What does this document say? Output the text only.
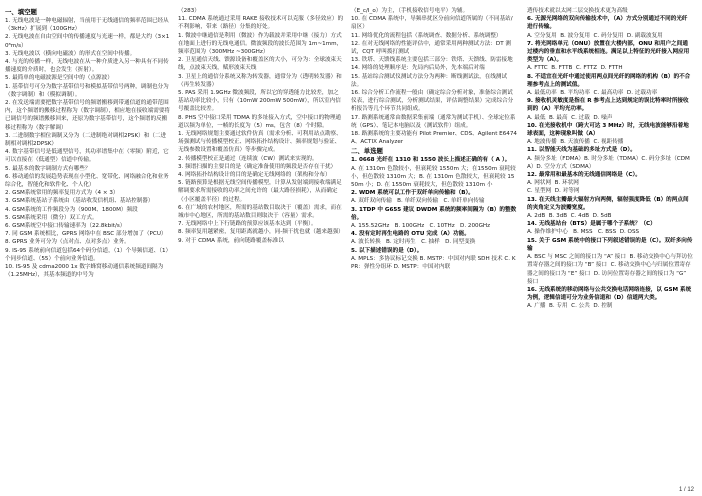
一、填空题

1. 无线电波是一种电磁辐射，当前用于无线通信的频率范围已经从（3kHz）扩展到（100GHz）

2. 无线电波在自由空间中的传播速度与光速一样，都是大约（3×10⁸m/s）

3. 无线电波以（横向电磁波）的形式在空间中传播。

4. 与光的传播一样，无线电波在从一种介质进入另一种具有不同传播速度的介质时，也会发生（折射）。

5. 最简单的电磁波源是空间中的（点源波）

1. 基带信号可分为数字基带信号和模拟基带信号两种，调制也分为（数字调制）和（模拟调制）。

2. 在发送端需要把数字基带信号的频谱搬移到带通信道的通带范围内，这个频谱的搬移过程称为（数字调制），相应地在接收端需要将已调信号的频谱搬移回来，还原为数字基带信号，这个频谱的反搬移过程称为（数字解调）

3. 二进制数字相位调制又分为（二进制绝对调相2PSK）和（二进制相对调相2DPSK）

4. 数字基带信号是低通型信号，其功率谱集中在（零频）附近，它可以直接在（低通型）信道中传输。

5. 最基本的数字调制方式有哪些？

6. 移动通信的发展趋势表现在小型化、宽带化、网络融合化和业务综合化，智能化和软件化、个人化）

2. GSM系统常用的频率复用方式为（4 × 3）

3. GSM系统基站子系统由（基站收发信机组、基站控制器）

4. GSM系统的工作频段分为（900M、1800M）频段

5. GSM系统采用（微分）双工方式。

6. GSM系统空中接口传输速率为（22.8kbit/s）

7. 同 GSM 系统相比，GPRS 网络中在 BSC 部分增加了（PCU）

8. GPRS 业务可分为（点对点、点对多点）业务。

9. IS-95 系统前向信道包括64个码分信道，（1）个导频信道、（1）个同步信道、（55）个前向业务信道。

10. IS-95 及 cdma2000 1x 数字蜂窝移动通信系统频道间隔为（1.25MHz），其基本频道的中号为

（283）

11. CDMA 系统通过采用 RAKE 接收技术可以克服（多径效应）的不利影响，带来（路径）分集的好处。

1. 微波中继通信是利用（微波）作为载波并采用中继（接力）方式在地面上进行的无线电通信。微波频段的波长范围为 1m~1mm，频率范围为（300MHz ~300GHz）

2. 卫星通信天线、馈源设备和覆盖区的大小，可分为：全球波束天线，点波束天线，赋形波束天线

3. 卫星上的通信分系统又称为转发器，通常分为（透明转发器）和（再生转发器）

5. PAS 采用 1.9GHz 微波频段，所以它的穿透能力比较差，加之基站功率比较小，只有（10mW 200mW 500mW），所以室内信号覆盖比较差。

8. PHS 空中接口采用 TDMA 的多址接入方式，空中接口的物理通道以频为单位，一帧的长度为（5）ms，包含（8）个时隙。

1. 无线网络规划主要通过软件仿真（需求分析、可利用站点勘察、场强测试与传播模型校正、网络拓扑结构设计、频率规划与验证、无线参数设置和覆盖仿真）等步骤完成。

2. 传播模型校正是通过（连续波（CW）测试来实现的。

3. 频谱扫描的主要目的是（确定准备使用的频段是否存在干扰）

4. 网络拓扑结构设计的目的是确定无线网络的（架构和分布）

5. 链路预算是根据无线空间传播模型，计算从发射端到接收端满足解调要求所需接收的功率之间允许的（最大路径损耗），从而确定（小区覆盖半径）的过程。

6. 在广域的农村地区，所需的基站数目取决于（覆盖）需求，而在城市中心地区，所需的基站数目则取决于（容量）需求。

7. 无线网络中上下行链路的预算应该基本达到（平衡）。

8. 频率复用越紧密，复用距离就越小，同-频干扰也就（越来越强）

9. 对于 CDMA 系统，前向链路覆盖标准以

（E_c/I_o）为主，（手机接收信号电平）为辅。

10. 在 CDMA 系统中，导频串扰区分前向信道所属的（不同基站/扇区）

11. 网络优化的流程包括（系统调查、数据分析、系统调整）

12. 在对无线网络的性能评估中，通常采用两种测试方法：DT 测试，CQT 呼叫拨打测试

13. 铁塔、天馈线系统主要包括三部分：铁塔、天馈线、防雷接地

14. 网络的处理顺序是：先局内后局外，先本端后对端

15. 基站综合测试仪测试方法分为两种：断线测试法，在线测试法。

16. 综合分析工作流程一般由（确定综合分析对象，准备综合测试仪表，进行综合测试，分析测试结果，评估调整结果）完成综合分析报告等几个环节共同组成。

17. 路测系统通常由数据采集前端（通常为测试手机）、全球定位系统（GPS）、笔记本电脑以及（测试软件）组成。

18. 路测系统的主要功能有 Pilot Premier、CDS、Agilent E6474A、ACTIX Analyzer

二、单选题

1. 0668 光纤在 1310 和 1550 波长上描述正确的有（ A ）。

A. 在 1310m 色散较小，但衰耗较 1550m 大；在1550m 衰耗较小，但色散较 1310m 大；B. 在 1310m 色散较大，但衰耗较 1550m 小；D. 在 1550m 衰耗较大，但色散较 1310m 小

2. WDM 系统可以工作于双纤单向传输和（B）。

A. 双纤双向传输   B. 单纤双向传输   C. 单纤单向传输

3. 1TDP 中 G655 建议 DWDM 系统的频率间隔为（B）的整数倍。

A. 155.52GHz   B. 100GHz   C. 10THz   D. 200GHz

4. 没有定时再生电路的 OTU 完成（A）功能。

A. 波长转换   B. 定时再生   C. 抽样   D. 同型变换

5. 以下描述错误的是（D）。

A. MPLS：多协议标记交换 B. MSTP：中国对内联 SDH 技术 C. KPR：弹性分组环 D. MSTP：中国对内联

透传技术就以太网二层交换技术更为高级

6. 无源光网络的双向传输技术中，（A）方式分别通过不同的光纤进行传输。

A. 空分复用  B. 波分复用  C. 码分复用  D. 副载波复用

7. 将光网络单元（ONU）放置在大楼内部，ONU 和用户之间通过楼内的垂直和水平线系统相连。满足以上特征的光纤接入网应用类型为（A）。

A. FTTC  B. FTTB  C. FTTZ  D. FTTH

8. 不适宜在光纤中通过使用两点间光纤的网络的机构（B）的不合理参考点上的测试值。

A. 最低功率  B. 平均功率  C. 最高功率  D. 过载功率

9. 接收机灵敏度是指在 R 参考点上达到规定的误比特率时所接收到的（A）平均光功率。

A. 最低  B. 最高  C. 过载  D. 噪声

10. 在光接收机中（跨大可达 3 MHz）时，无线电波能够沿着地球表面，这种现象叫做（A）

A. 地波传播  B. 天波传播  C. 视距传播

11. 以智能天线为基础的多址方式是（D）。

A. 频分多址（FDMA）B. 时分多址（TDMA）C. 码分多址（CDMA）D. 空分方式（SDMA）

12. 最常用和最基本的无线通信网络是（C）。

A. 网状网  B. 环状网

C. 星型网  D. 对等网

13. 在天线主瓣最大辐射方向两侧，辐射强度降低（B）的两点间的夹角定义为波瓣宽度。

A. 2dB  B. 3dB  C. 4dB  D. 5dB

14. 无线基站台（BTS）是属于哪个子系统？（C）

A. 操作维护中心   B. MSS   C. BSS  D. OSS

15. 关于 GSM 系统中的接口下列叙述错误的是（C）。双纤多向传输

A. BSC 与 MSC 之间的接口为 “A” 接口  B. 移动交换中心与拜访位置寄存器之间的接口为 “B” 接口  C. 移动交换中心与归属位置寄存器之间的接口为 “E” 接口  D. 访问位置寄存器之间的接口为 “G” 接口

16. 无线系统的移动网络与公共交换电话网络连接，以 GSM 系统为例，逻辑信道可分为业务信道和（D）信道两大类。

A. 广播  B. 专用  C. 公共  D. 控制

1 / 12
